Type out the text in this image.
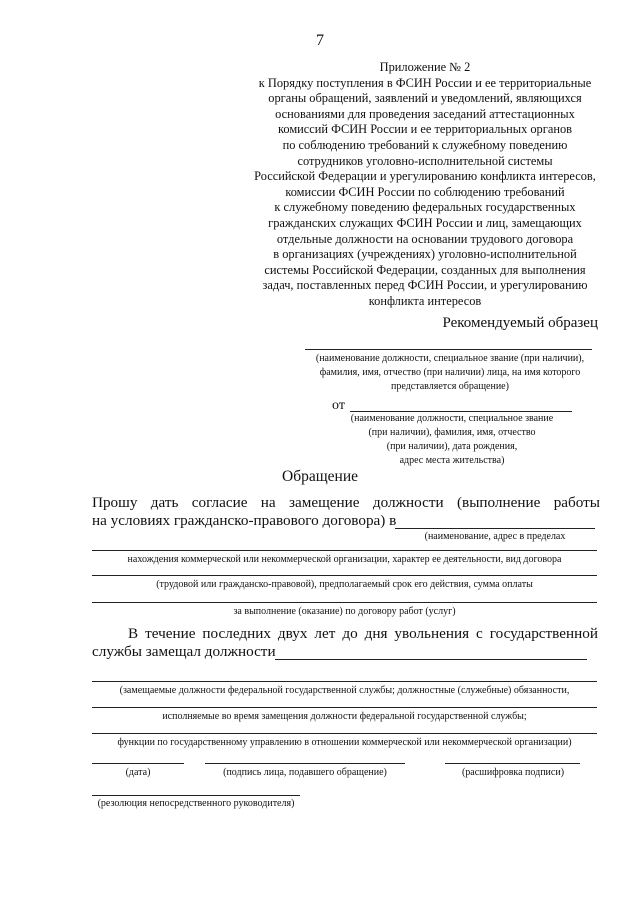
7
Приложение № 2
к Порядку поступления в ФСИН России и ее территориальные
органы обращений, заявлений и уведомлений, являющихся
основаниями для проведения заседаний аттестационных
комиссий ФСИН России и ее территориальных органов
по соблюдению требований к служебному поведению
сотрудников уголовно-исполнительной системы
Российской Федерации и урегулированию конфликта интересов,
комиссии ФСИН России по соблюдению требований
к служебному поведению федеральных государственных
гражданских служащих ФСИН России и лиц, замещающих
отдельные должности на основании трудового договора
в организациях (учреждениях) уголовно-исполнительной
системы Российской Федерации, созданных для выполнения
задач, поставленных перед ФСИН России, и урегулированию
конфликта интересов
Рекомендуемый образец
(наименование должности, специальное звание (при наличии),
фамилия, имя, отчество (при наличии) лица, на имя которого
представляется обращение)
от
(наименование должности, специальное звание
(при наличии), фамилия, имя, отчество
(при наличии), дата рождения,
адрес места жительства)
Обращение
Прошу дать согласие на замещение должности (выполнение работы
на условиях гражданско-правового договора) в
(наименование, адрес в пределах
нахождения коммерческой или некоммерческой организации, характер ее деятельности, вид договора
(трудовой или гражданско-правовой), предполагаемый срок его действия, сумма оплаты
за выполнение (оказание) по договору работ (услуг)
В течение последних двух лет до дня увольнения с государственной
службы замещал должности
(замещаемые должности федеральной государственной службы; должностные (служебные) обязанности,
исполняемые во время замещения должности федеральной государственной службы;
функции по государственному управлению в отношении коммерческой или некоммерческой организации)
(дата)	(подпись лица, подавшего обращение)	(расшифровка подписи)
(резолюция непосредственного руководителя)
